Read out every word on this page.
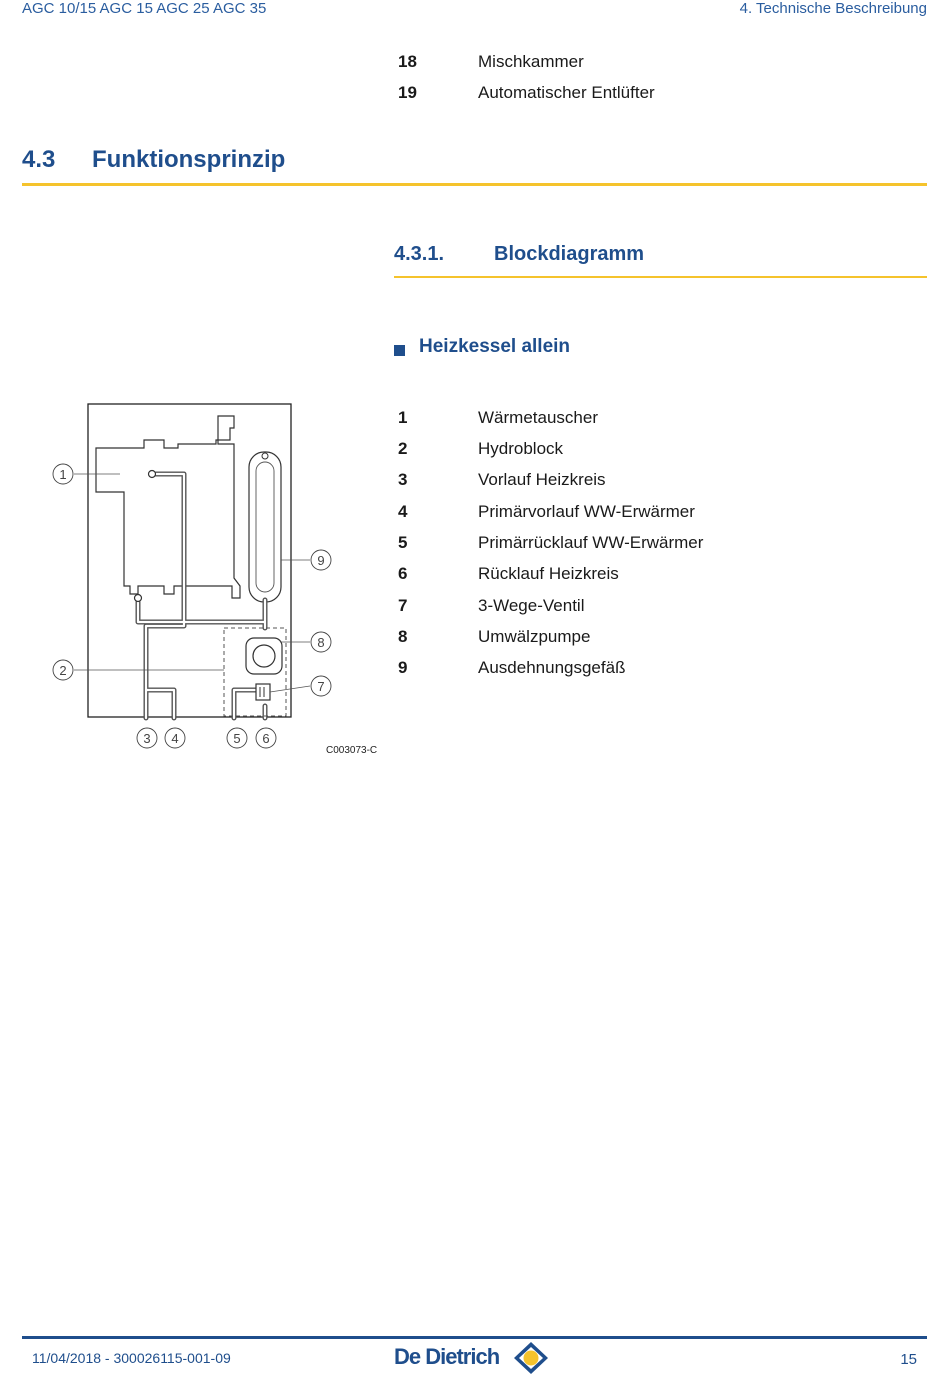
AGC 10/15 AGC 15 AGC 25 AGC 35	4. Technische Beschreibung
18	Mischkammer
19	Automatischer Entlüfter
4.3 Funktionsprinzip
4.3.1. Blockdiagramm
Heizkessel allein
1	Wärmetauscher
2	Hydroblock
3	Vorlauf Heizkreis
4	Primärvorlauf WW-Erwärmer
5	Primärrücklauf WW-Erwärmer
6	Rücklauf Heizkreis
7	3-Wege-Ventil
8	Umwälzpumpe
9	Ausdehnungsgefäß
1
2
3 4	5 6
7
8
9
C003073-C
11/04/2018 - 300026115-001-09	De Dietrich	15
